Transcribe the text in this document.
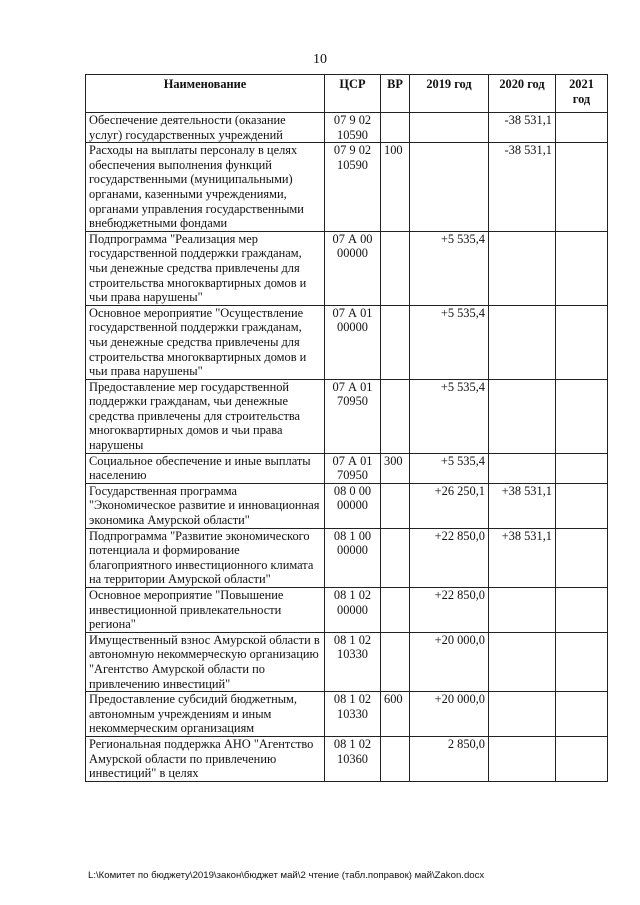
10
Наименование	ЦСР	ВР	2019 год	2020 год	2021 год
Обеспечение деятельности (оказание услуг) государственных учреждений	07 9 02 10590			-38 531,1	
Расходы на выплаты персоналу в целях обеспечения выполнения функций государственными (муниципальными) органами, казенными учреждениями, органами управления государственными внебюджетными фондами	07 9 02 10590	100		-38 531,1	
Подпрограмма "Реализация мер государственной поддержки гражданам, чьи денежные средства привлечены для строительства многоквартирных домов и чьи права нарушены"	07 А 00 00000		+5 535,4		
Основное мероприятие "Осуществление государственной поддержки гражданам, чьи денежные средства привлечены для строительства многоквартирных домов и чьи права нарушены"	07 А 01 00000		+5 535,4		
Предоставление мер государственной поддержки гражданам, чьи денежные средства привлечены для строительства многоквартирных домов и чьи права нарушены	07 А 01 70950		+5 535,4		
Социальное обеспечение и иные выплаты населению	07 А 01 70950	300	+5 535,4		
Государственная программа "Экономическое развитие и инновационная экономика Амурской области"	08 0 00 00000		+26 250,1	+38 531,1	
Подпрограмма "Развитие экономического потенциала и формирование благоприятного инвестиционного климата на территории Амурской области"	08 1 00 00000		+22 850,0	+38 531,1	
Основное мероприятие "Повышение инвестиционной привлекательности региона"	08 1 02 00000		+22 850,0		
Имущественный взнос Амурской области в автономную некоммерческую организацию "Агентство Амурской области по привлечению инвестиций"	08 1 02 10330		+20 000,0		
Предоставление субсидий бюджетным, автономным учреждениям и иным некоммерческим организациям	08 1 02 10330	600	+20 000,0		
Региональная поддержка АНО "Агентство Амурской области по привлечению инвестиций" в целях	08 1 02 10360		2 850,0		
L:\Комитет по бюджету\2019\закон\бюджет май\2 чтение (табл.поправок) май\Zakon.docx
